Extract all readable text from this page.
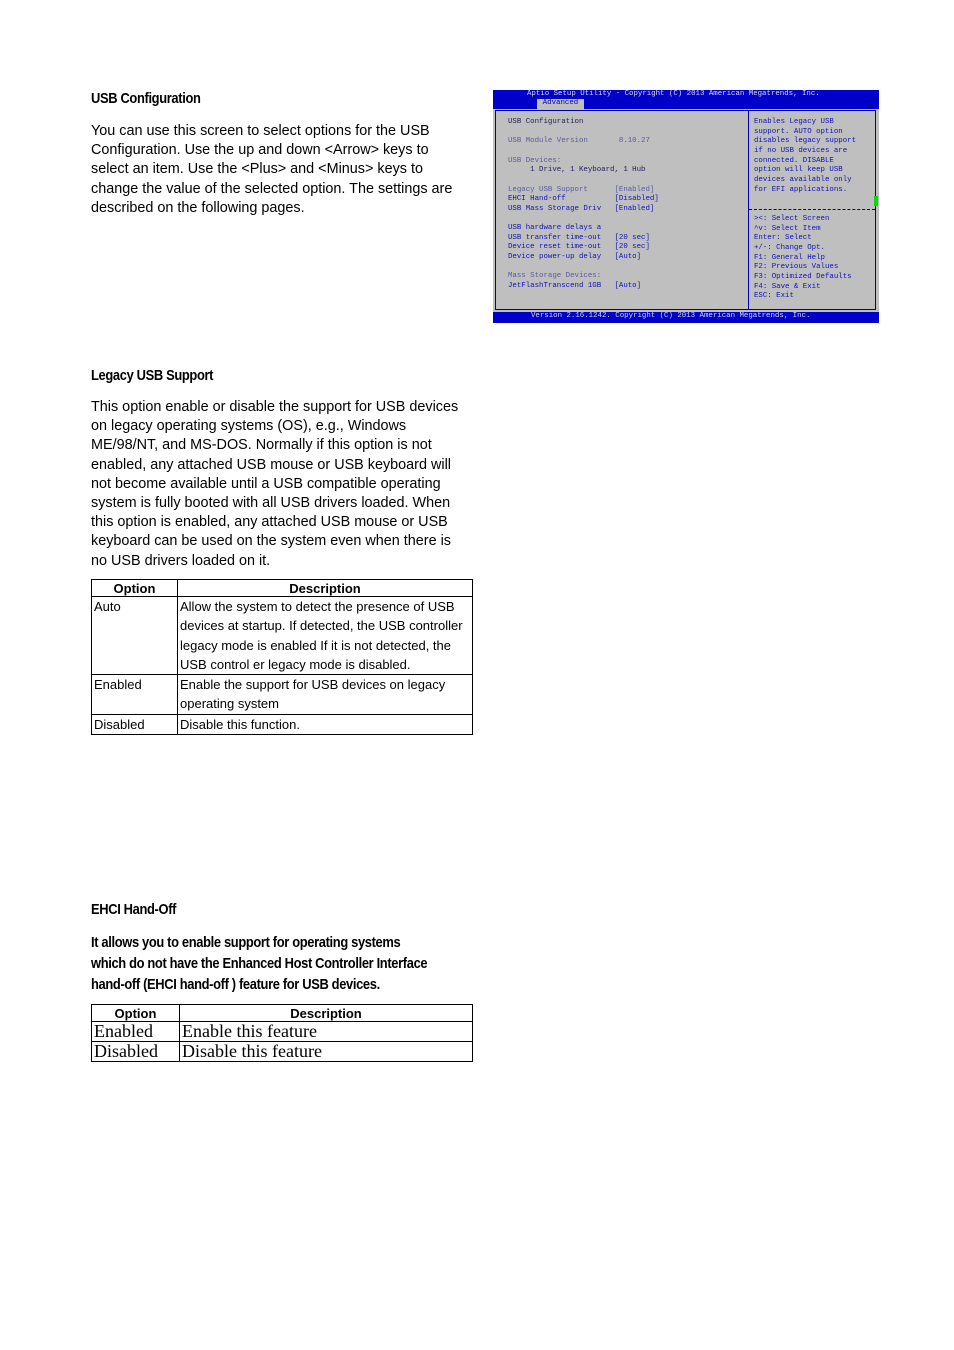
USB Configuration
You can use this screen to select options for the USB Configuration. Use the up and down <Arrow> keys to select an item. Use the <Plus> and <Minus> keys to change the value of the selected option. The settings are described on the following pages.
Aptio Setup Utility - Copyright (C) 2013 American Megatrends, Inc.
Advanced
USB Configuration
USB Module Version       8.10.27
USB Devices:
1 Drive, 1 Keyboard, 1 Hub
Legacy USB Support      [Enabled]
EHCI Hand-off           [Disabled]
USB Mass Storage Driv   [Enabled]
USB hardware delays a
USB transfer time-out   [20 sec]
Device reset time-out   [20 sec]
Device power-up delay   [Auto]
Mass Storage Devices:
JetFlashTranscend 1GB   [Auto]
Enables Legacy USB
support. AUTO option
disables legacy support
if no USB devices are
connected. DISABLE
option will keep USB
devices available only
for EFI applications.
><: Select Screen
^v: Select Item
Enter: Select
+/-: Change Opt.
F1: General Help
F2: Previous Values
F3: Optimized Defaults
F4: Save & Exit
ESC: Exit
Version 2.16.1242. Copyright (C) 2013 American Megatrends, Inc.
Legacy USB Support
This option enable or disable the support for USB devices on legacy operating systems (OS), e.g., Windows ME/98/NT, and MS-DOS. Normally if this option is not enabled, any attached USB mouse or USB keyboard will not become available until a USB compatible operating system is fully booted with all USB drivers loaded. When this option is enabled, any attached USB mouse or USB keyboard can be used on the system even when there is no USB drivers loaded on it.
Option	Description
Auto	Allow the system to detect the presence of USB devices at startup. If detected, the USB controller legacy mode is enabled If it is not detected, the USB control er legacy mode is disabled.
Enabled	Enable the support for USB devices on legacy operating system
Disabled	Disable this function.
EHCI Hand-Off
It allows you to enable support for operating systems which do not have the Enhanced Host Controller Interface hand-off (EHCI hand-off ) feature for USB devices.
Option	Description
Enabled	Enable this feature
Disabled	Disable this feature
